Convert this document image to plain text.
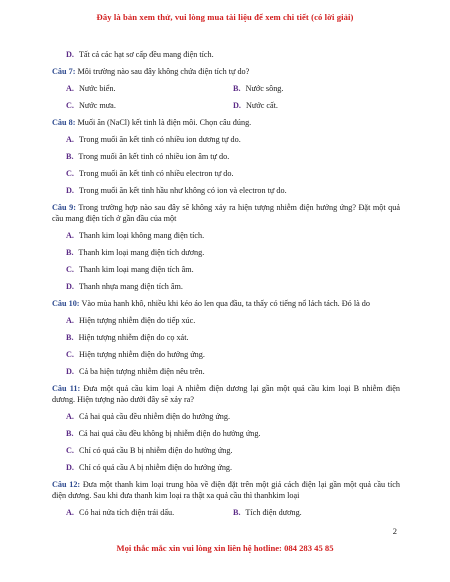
Đây là bản xem thử, vui lòng mua tài liệu để xem chi tiết (có lời giải)
D. Tất cả các hạt sơ cấp đều mang điện tích.
Câu 7: Môi trường nào sau đây không chứa điện tích tự do?
A. Nước biển.	B. Nước sông.
C. Nước mưa.	D. Nước cất.
Câu 8: Muối ăn (NaCl) kết tinh là điện môi. Chọn câu đúng.
A. Trong muối ăn kết tinh có nhiều ion dương tự do.
B. Trong muối ăn kết tinh có nhiều ion âm tự do.
C. Trong muối ăn kết tinh có nhiều electron tự do.
D. Trong muối ăn kết tinh hầu như không có ion và electron tự do.
Câu 9: Trong trường hợp nào sau đây sẽ không xảy ra hiện tượng nhiễm điện hưởng ứng? Đặt một quả cầu mang điện tích ở gần đầu của một
A. Thanh kim loại không mang điện tích.
B. Thanh kim loại mang điện tích dương.
C. Thanh kim loại mang điện tích âm.
D. Thanh nhựa mang điện tích âm.
Câu 10: Vào mùa hanh khô, nhiều khi kéo áo len qua đầu, ta thấy có tiếng nổ lách tách. Đó là do
A. Hiện tượng nhiễm điện do tiếp xúc.
B. Hiện tượng nhiễm điện do cọ xát.
C. Hiện tượng nhiễm điện do hưởng ứng.
D. Cả ba hiện tượng nhiễm điện nêu trên.
Câu 11: Đưa một quả cầu kim loại A nhiễm điện dương lại gần một quả cầu kim loại B nhiễm điện dương. Hiện tượng nào dưới đây sẽ xảy ra?
A. Cả hai quả cầu đều nhiễm điện do hưởng ứng.
B. Cả hai quả cầu đều không bị nhiễm điện do hưởng ứng.
C. Chỉ có quả cầu B bị nhiễm điện do hưởng ứng.
D. Chỉ có quả cầu A bị nhiễm điện do hưởng ứng.
Câu 12: Đưa một thanh kim loại trung hòa về điện đặt trên một giá cách điện lại gần một quả cầu tích điện dương. Sau khi đưa thanh kim loại ra thật xa quả cầu thì thanhkim loại
A. Có hai nửa tích điện trái dấu.	B. Tích điện dương.
2
Mọi thắc mắc xin vui lòng xin liên hệ hotline: 084 283 45 85
